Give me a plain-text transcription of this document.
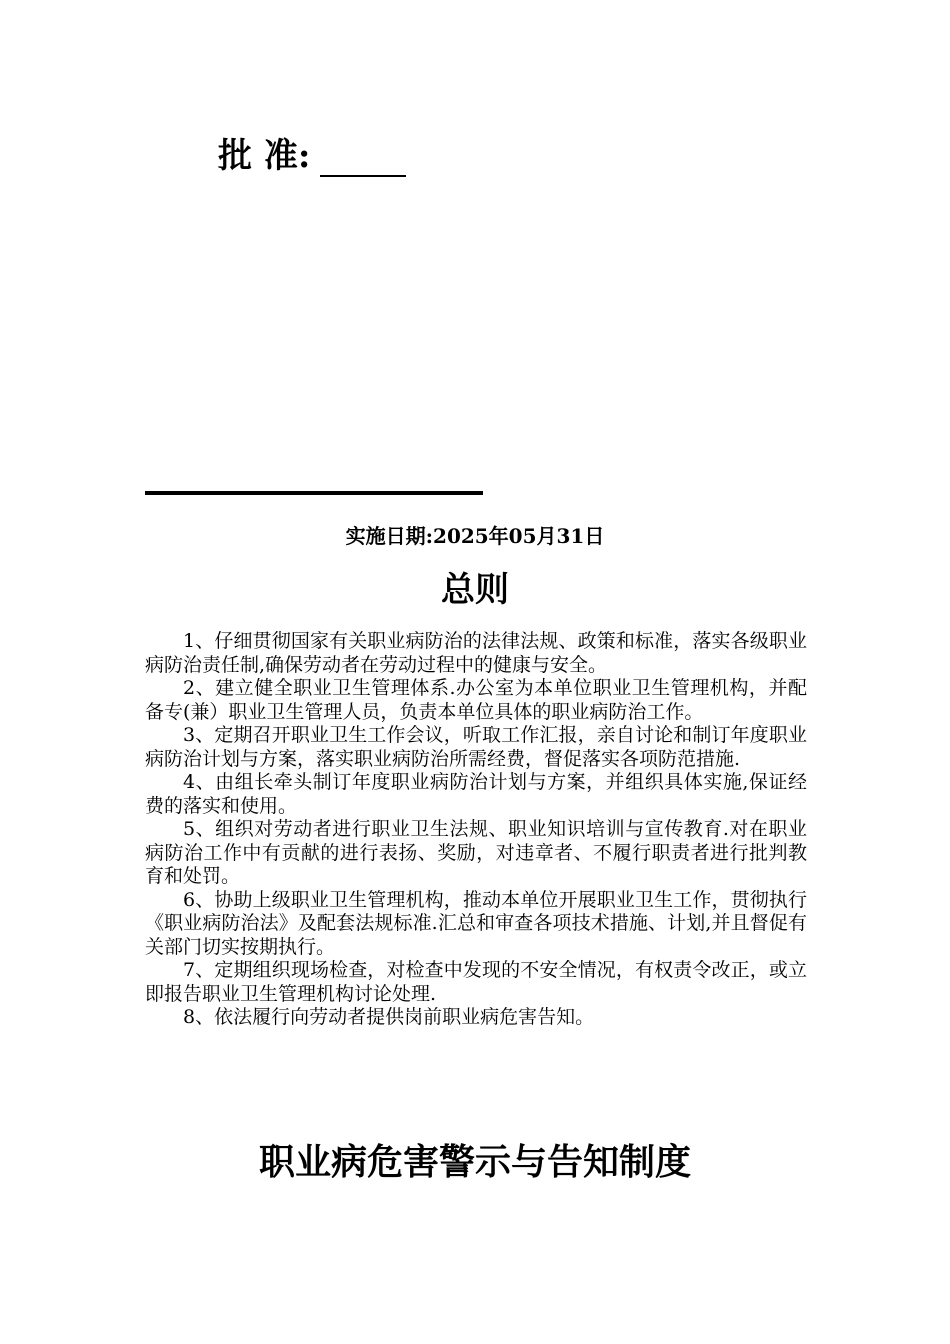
批 准:
实施日期:2025年05月31日
总则

1、仔细贯彻国家有关职业病防治的法律法规、政策和标准，落实各级职业病防治责任制,确保劳动者在劳动过程中的健康与安全。

2、建立健全职业卫生管理体系.办公室为本单位职业卫生管理机构，并配备专(兼）职业卫生管理人员，负责本单位具体的职业病防治工作。

3、定期召开职业卫生工作会议，听取工作汇报，亲自讨论和制订年度职业病防治计划与方案，落实职业病防治所需经费，督促落实各项防范措施.

4、由组长牵头制订年度职业病防治计划与方案，并组织具体实施,保证经费的落实和使用。

5、组织对劳动者进行职业卫生法规、职业知识培训与宣传教育.对在职业病防治工作中有贡献的进行表扬、奖励，对违章者、不履行职责者进行批判教育和处罚。

6、协助上级职业卫生管理机构，推动本单位开展职业卫生工作，贯彻执行《职业病防治法》及配套法规标准.汇总和审查各项技术措施、计划,并且督促有关部门切实按期执行。

7、定期组织现场检查，对检查中发现的不安全情况，有权责令改正，或立即报告职业卫生管理机构讨论处理.

8、依法履行向劳动者提供岗前职业病危害告知。

职业病危害警示与告知制度
